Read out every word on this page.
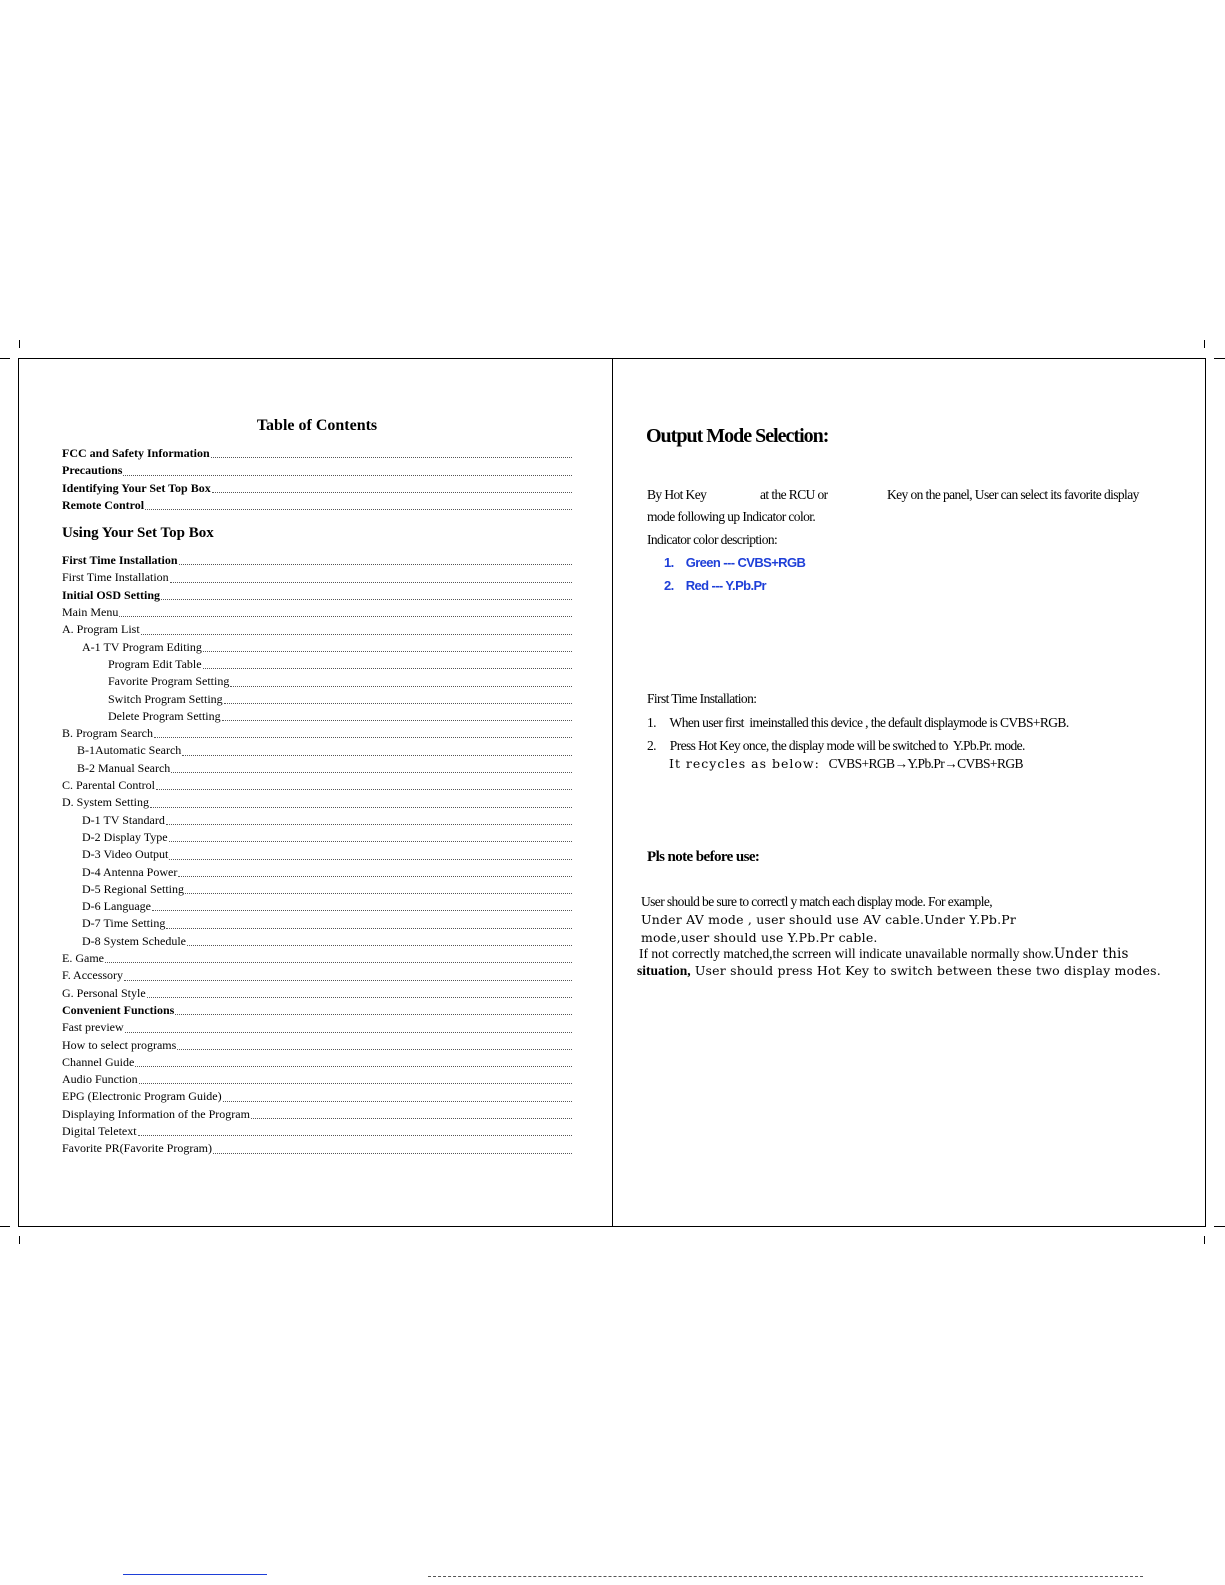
Table of Contents
FCC and Safety Information
Precautions
Identifying Your Set Top Box
Remote Control
Using Your Set Top Box
First Time Installation
First Time Installation
Initial OSD Setting
Main Menu
A. Program List
A-1 TV Program Editing
Program Edit Table
Favorite Program Setting
Switch Program Setting
Delete Program Setting
B. Program Search
B-1Automatic Search
B-2 Manual Search
C. Parental Control
D. System Setting
D-1 TV Standard
D-2 Display Type
D-3 Video Output
D-4 Antenna Power
D-5 Regional Setting
D-6 Language
D-7 Time Setting
D-8 System Schedule
E. Game
F. Accessory
G. Personal Style
Convenient Functions
Fast preview
How to select programs
Channel Guide
Audio Function
EPG (Electronic Program Guide)
Displaying Information of the Program
Digital Teletext
Favorite PR(Favorite Program)
Output Mode Selection:
By Hot Key	at the RCU or	Key on the panel, User can select its favorite display
mode following up Indicator color.
Indicator color description:
1.    Green --- CVBS+RGB
2.    Red --- Y.Pb.Pr
First Time Installation:
1.     When user first  imeinstalled this device , the default displaymode is CVBS+RGB.
2.     Press Hot Key once, the display mode will be switched to  Y.Pb.Pr. mode.
It recycles as below: CVBS+RGB→Y.Pb.Pr→CVBS+RGB
Pls note before use:
User should be sure to correctl y match each display mode. For example,
Under AV mode , user should use AV cable.Under Y.Pb.Pr
mode,user should use Y.Pb.Pr cable.
If not correctly matched,the scrreen will indicate unavailable normally show.Under this
situation, User should press Hot Key to switch between these two display modes.
